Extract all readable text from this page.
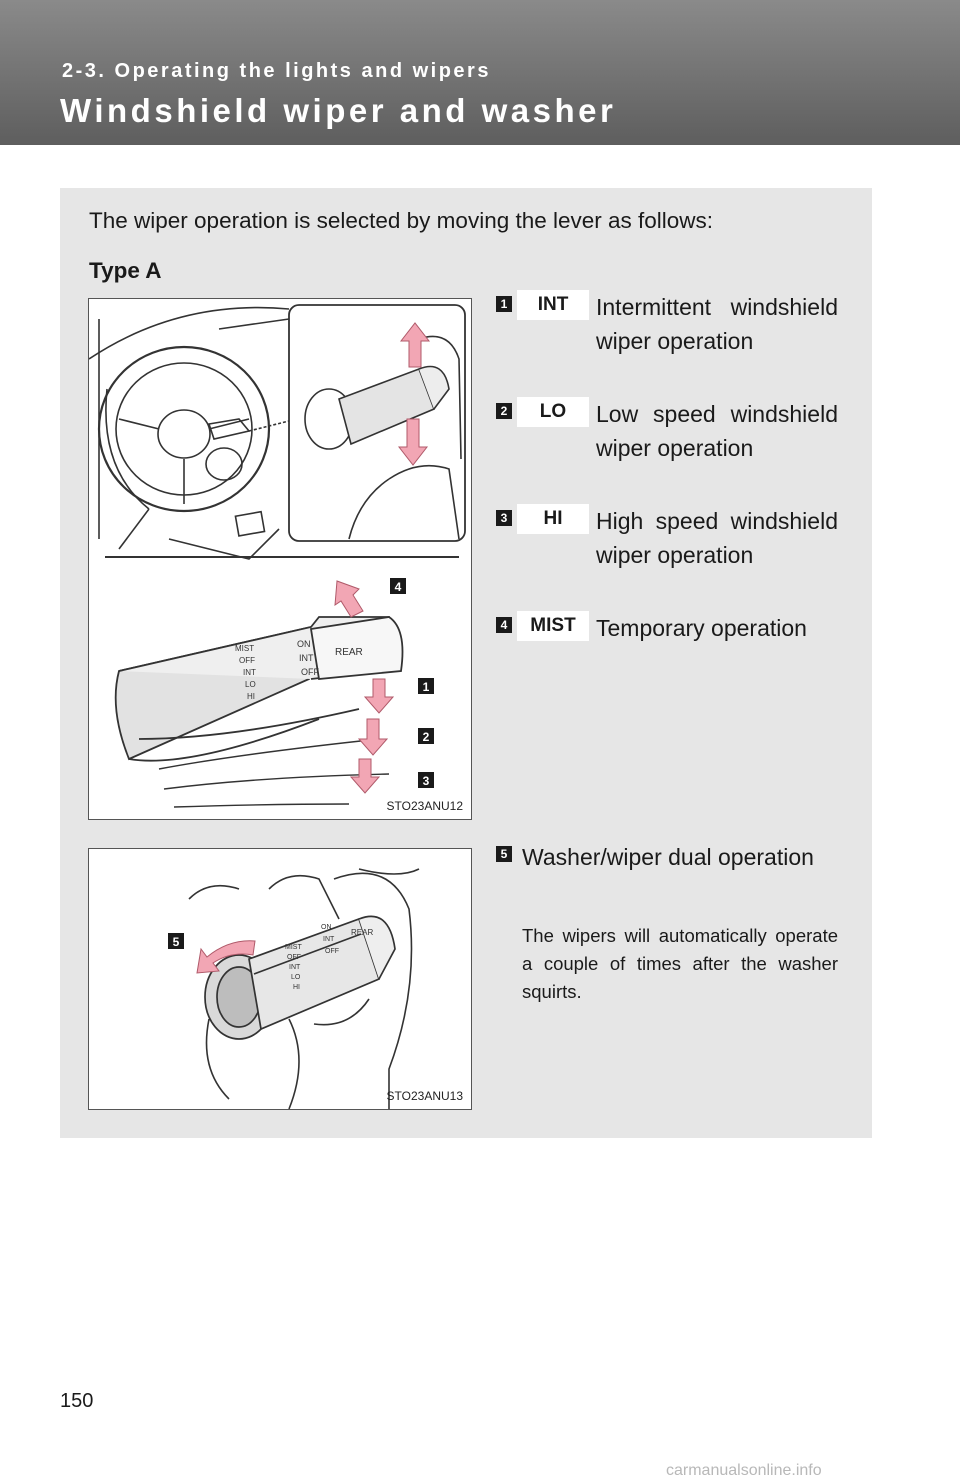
2-3. Operating the lights and wipers
Windshield wiper and washer
The wiper operation is selected by moving the lever as follows:
Type A
MIST
OFF
INT
LO
HI
ON
INT
OFF
REAR
4
1
2
3
STO23ANU12
MIST
OFF
INT
LO
HI
ON
INT
OFF
REAR
5
STO23ANU13
1	INT	Intermittent windshield wiper operation
2	LO	Low speed windshield wiper operation
3	HI	High speed windshield wiper operation
4	MIST Temporary operation
5 Washer/wiper dual operation
The wipers will automatically operate a couple of times after the washer squirts.
150
carmanualsonline.info
